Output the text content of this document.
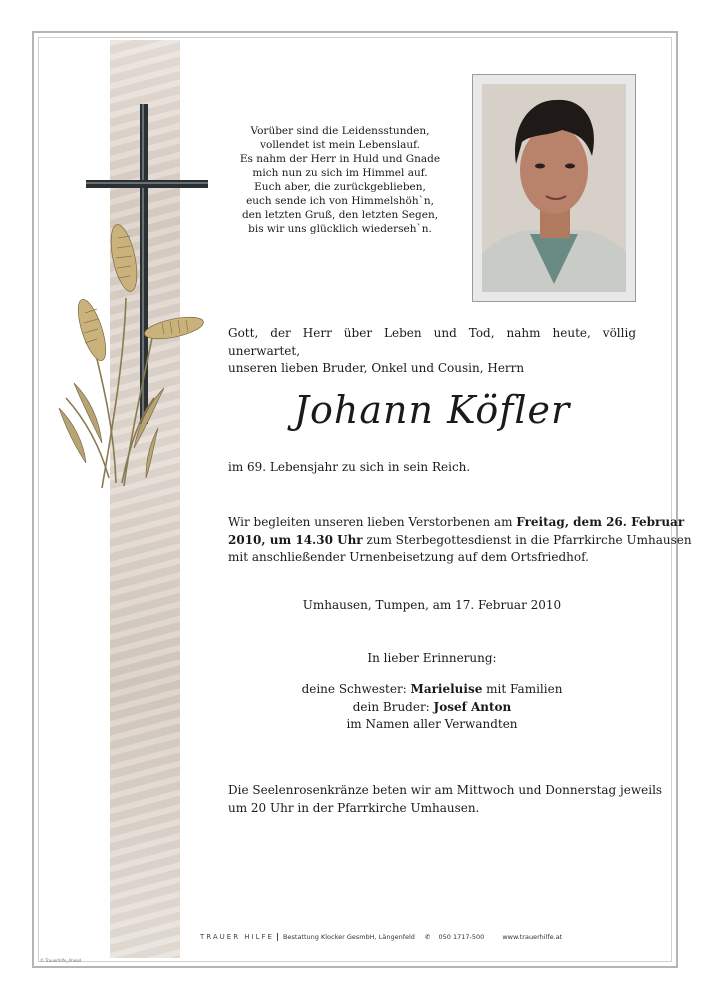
Vorüber sind die Leidensstunden,
vollendet ist mein Lebenslauf.
Es nahm der Herr in Huld und Gnade
mich nun zu sich im Himmel auf.
Euch aber, die zurückgeblieben,
euch sende ich von Himmelshöh`n,
den letzten Gruß, den letzten Segen,
bis wir uns glücklich wiederseh`n.
Gott, der Herr über Leben und Tod, nahm heute, völlig unerwartet,
unseren lieben Bruder, Onkel und Cousin, Herrn
Johann Köfler
im 69. Lebensjahr zu sich in sein Reich.
Wir begleiten unseren lieben Verstorbenen am Freitag, dem 26. Februar
2010, um 14.30 Uhr zum Sterbegottesdienst in die Pfarrkirche Umhausen
mit anschließender Urnenbeisetzung auf dem Ortsfriedhof.
Umhausen, Tumpen, am 17. Februar 2010
In lieber Erinnerung:
deine Schwester: Marieluise mit Familien
dein Bruder: Josef Anton
im Namen aller Verwandten
Die Seelenrosenkränze beten wir am Mittwoch und Donnerstag jeweils
um 20 Uhr in der Pfarrkirche Umhausen.
TRAUER HILFE Bestattung Klocker GesmbH, Längenfeld ✆ 050 1717-500	www.trauerhilfe.at
© Trauerhilfe_Ahead
